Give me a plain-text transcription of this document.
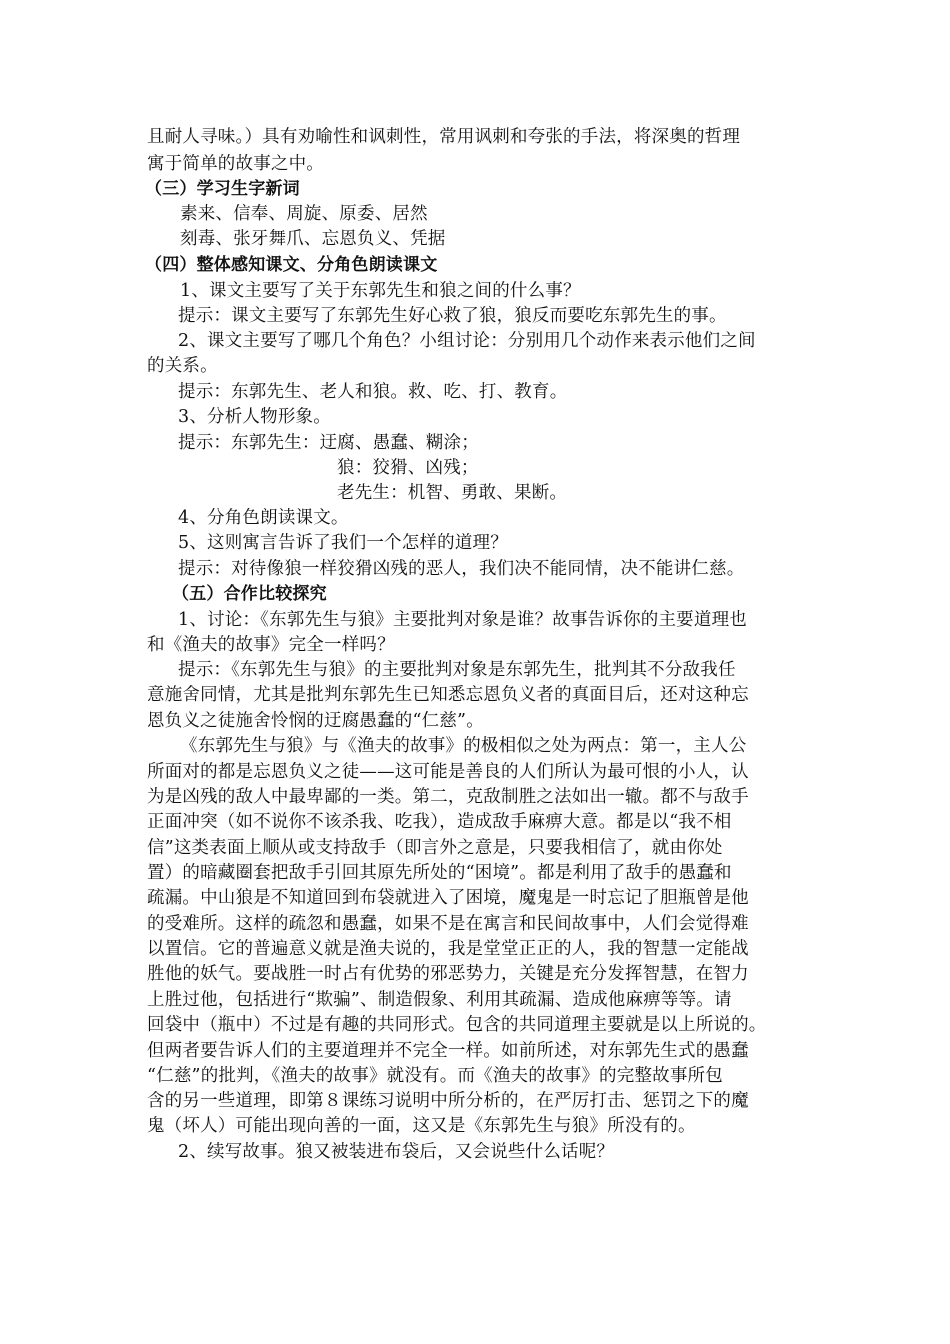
且耐人寻味。）具有劝喻性和讽刺性，常用讽刺和夸张的手法，将深奥的哲理
寓于简单的故事之中。
（三）学习生字新词
素来、信奉、周旋、原委、居然
刻毒、张牙舞爪、忘恩负义、凭据
（四）整体感知课文、分角色朗读课文
1、课文主要写了关于东郭先生和狼之间的什么事？
提示：课文主要写了东郭先生好心救了狼，狼反而要吃东郭先生的事。
2、课文主要写了哪几个角色？小组讨论：分别用几个动作来表示他们之间
的关系。
提示：东郭先生、老人和狼。救、吃、打、教育。
3、分析人物形象。
提示：东郭先生：迂腐、愚蠢、糊涂；
狼：狡猾、凶残；
老先生：机智、勇敢、果断。
4、分角色朗读课文。
5、这则寓言告诉了我们一个怎样的道理？
提示：对待像狼一样狡猾凶残的恶人，我们决不能同情，决不能讲仁慈。
（五）合作比较探究
1、讨论：《东郭先生与狼》主要批判对象是谁？故事告诉你的主要道理也
和《渔夫的故事》完全一样吗？
提示：《东郭先生与狼》的主要批判对象是东郭先生，批判其不分敌我任
意施舍同情，尤其是批判东郭先生已知悉忘恩负义者的真面目后，还对这种忘
恩负义之徒施舍怜悯的迂腐愚蠢的“仁慈”。
《东郭先生与狼》与《渔夫的故事》的极相似之处为两点：第一，主人公
所面对的都是忘恩负义之徒——这可能是善良的人们所认为最可恨的小人，认
为是凶残的敌人中最卑鄙的一类。第二，克敌制胜之法如出一辙。都不与敌手
正面冲突（如不说你不该杀我、吃我），造成敌手麻痹大意。都是以“我不相
信”这类表面上顺从或支持敌手（即言外之意是，只要我相信了，就由你处
置）的暗藏圈套把敌手引回其原先所处的“困境”。都是利用了敌手的愚蠢和
疏漏。中山狼是不知道回到布袋就进入了困境，魔鬼是一时忘记了胆瓶曾是他
的受难所。这样的疏忽和愚蠢，如果不是在寓言和民间故事中，人们会觉得难
以置信。它的普遍意义就是渔夫说的，我是堂堂正正的人，我的智慧一定能战
胜他的妖气。要战胜一时占有优势的邪恶势力，关键是充分发挥智慧，在智力
上胜过他，包括进行“欺骗”、制造假象、利用其疏漏、造成他麻痹等等。请
回袋中（瓶中）不过是有趣的共同形式。包含的共同道理主要就是以上所说的。
但两者要告诉人们的主要道理并不完全一样。如前所述，对东郭先生式的愚蠢
“仁慈”的批判，《渔夫的故事》就没有。而《渔夫的故事》的完整故事所包
含的另一些道理，即第８课练习说明中所分析的，在严厉打击、惩罚之下的魔
鬼（坏人）可能出现向善的一面，这又是《东郭先生与狼》所没有的。
2、续写故事。狼又被装进布袋后，又会说些什么话呢？
